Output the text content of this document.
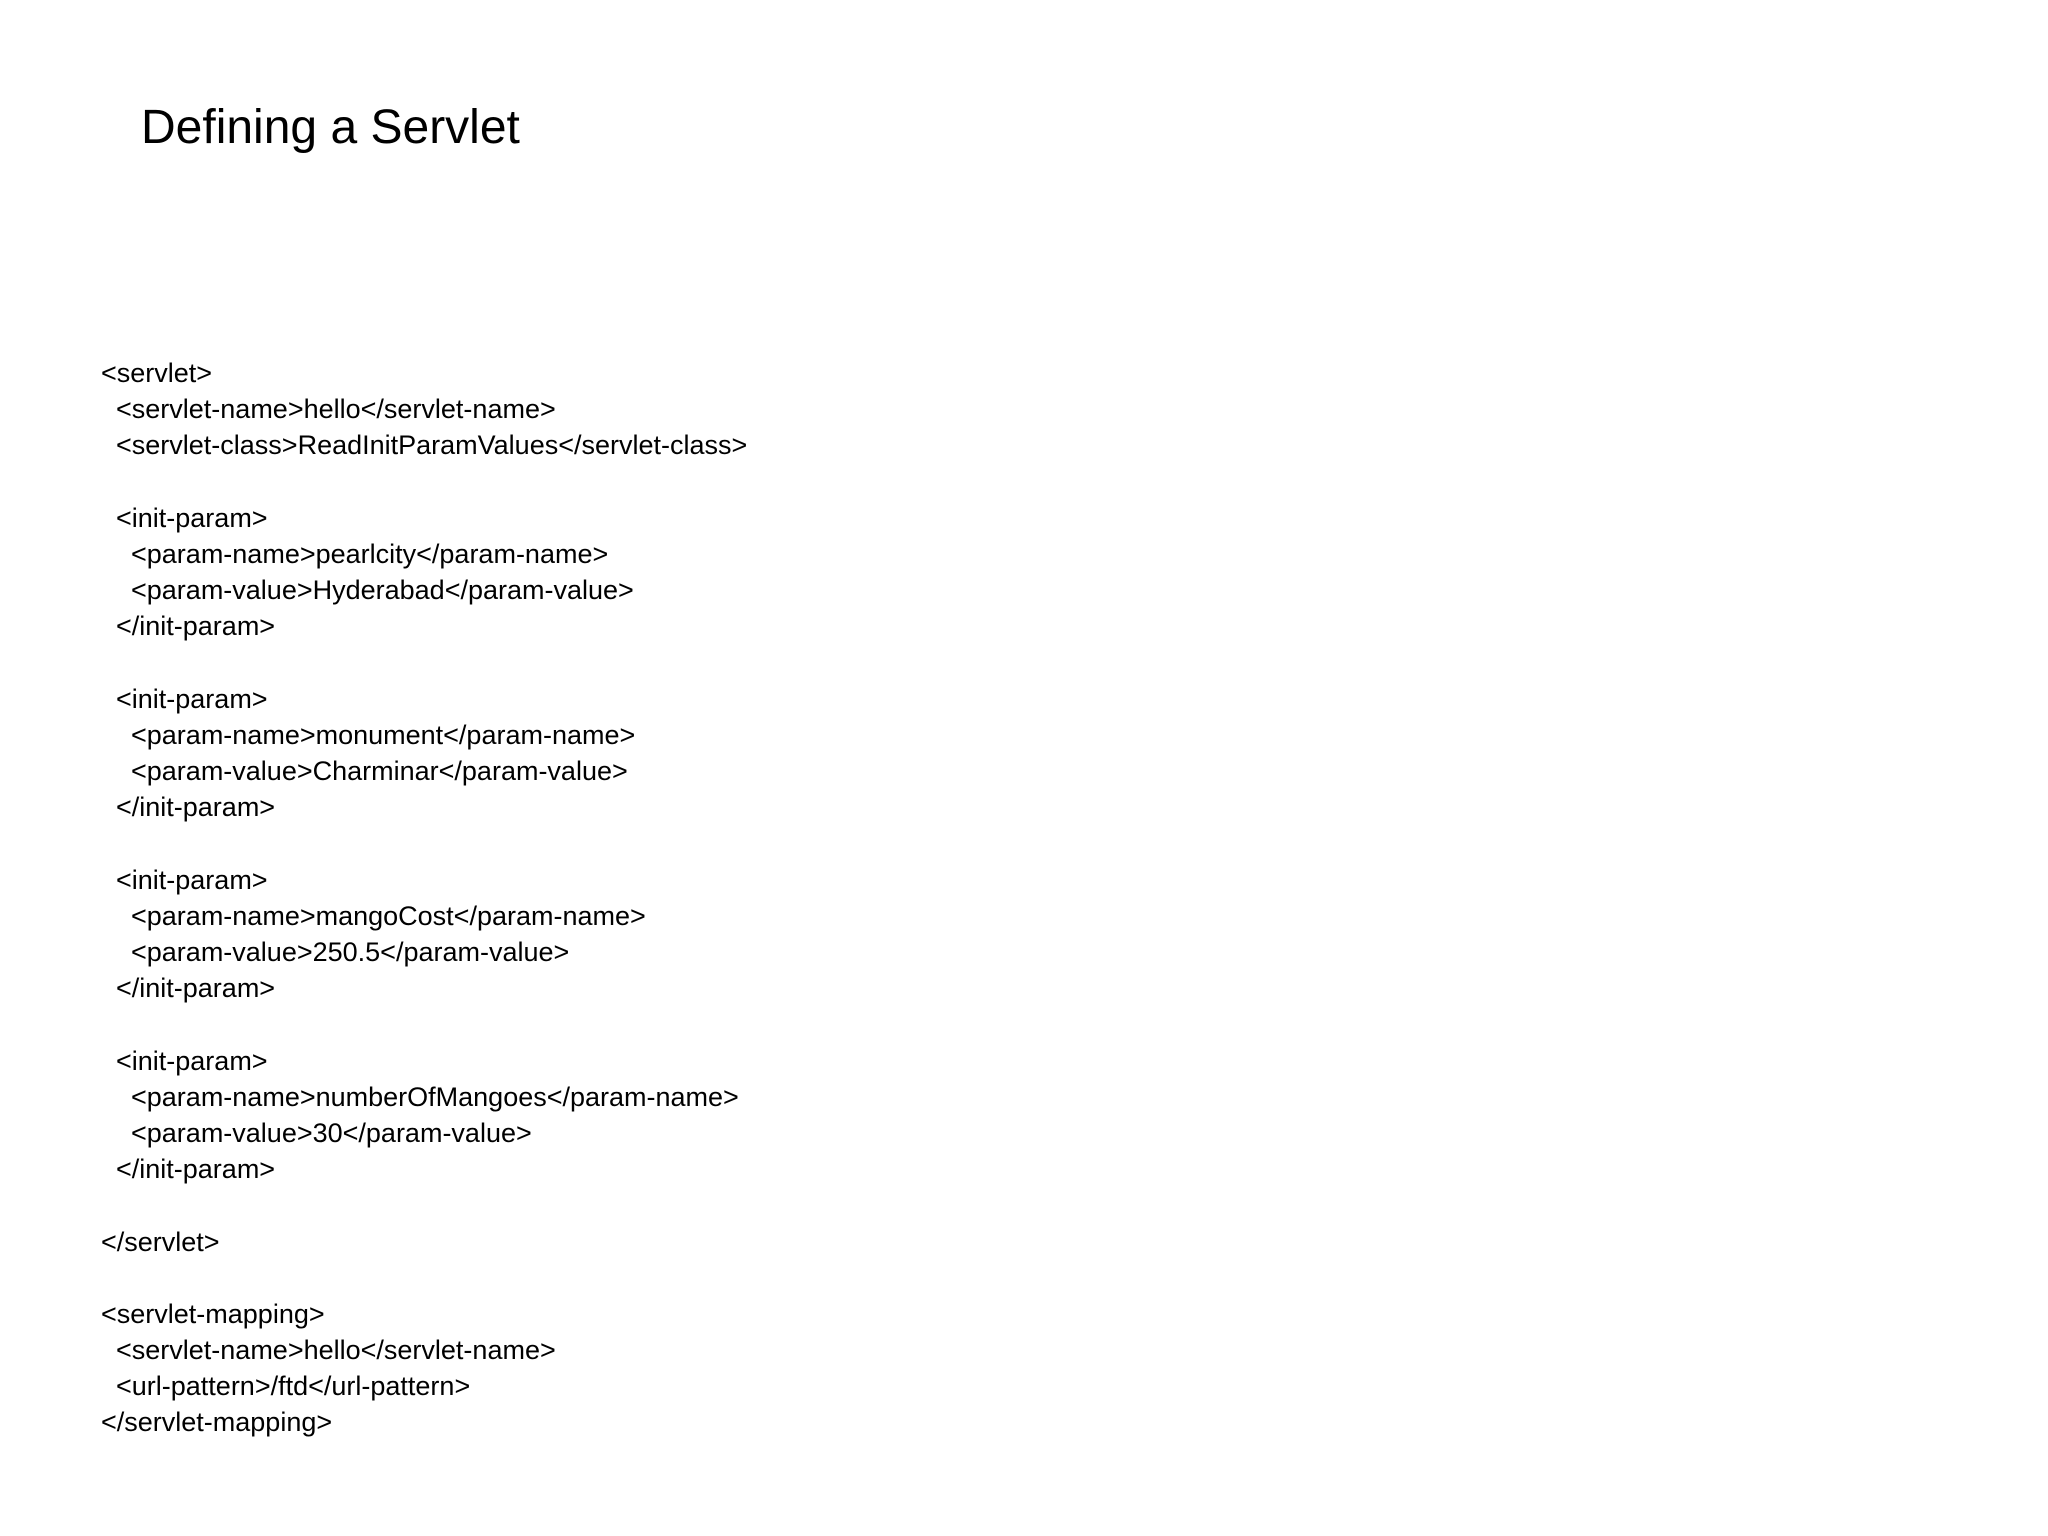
Defining a Servlet
<servlet>
<servlet-name>hello</servlet-name>
<servlet-class>ReadInitParamValues</servlet-class>
<init-param>
<param-name>pearlcity</param-name>
<param-value>Hyderabad</param-value>
</init-param>
<init-param>
<param-name>monument</param-name>
<param-value>Charminar</param-value>
</init-param>
<init-param>
<param-name>mangoCost</param-name>
<param-value>250.5</param-value>
</init-param>
<init-param>
<param-name>numberOfMangoes</param-name>
<param-value>30</param-value>
</init-param>
</servlet>
<servlet-mapping>
<servlet-name>hello</servlet-name>
<url-pattern>/ftd</url-pattern>
</servlet-mapping>
